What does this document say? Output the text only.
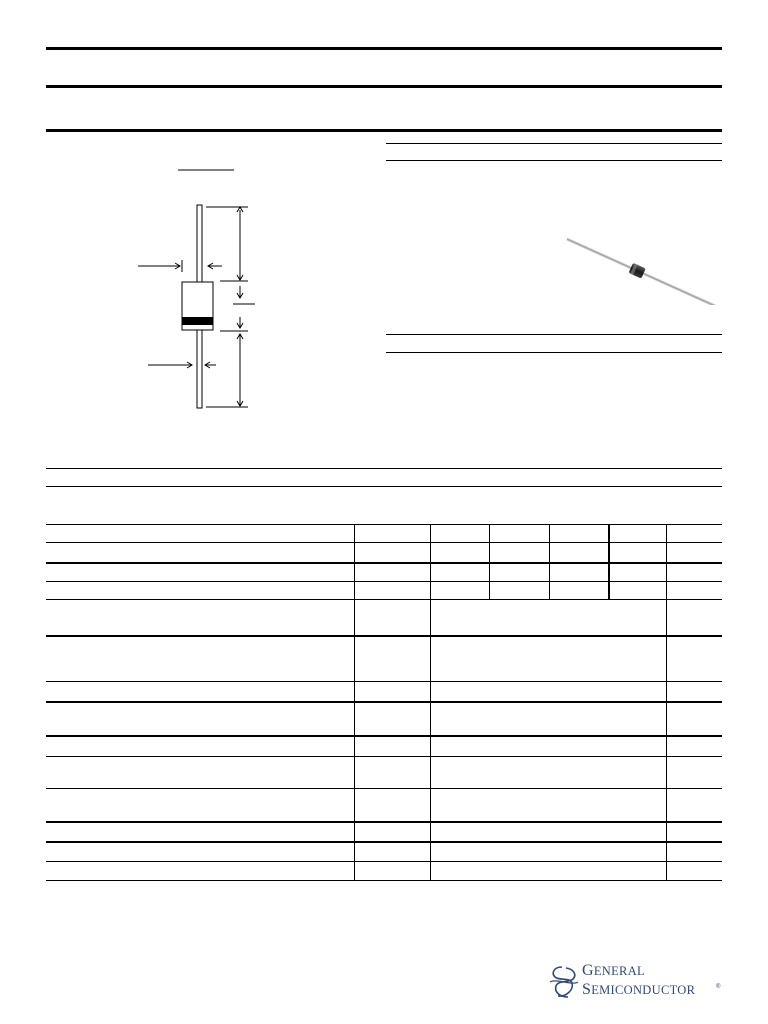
GENERAL
SEMICONDUCTOR	®
